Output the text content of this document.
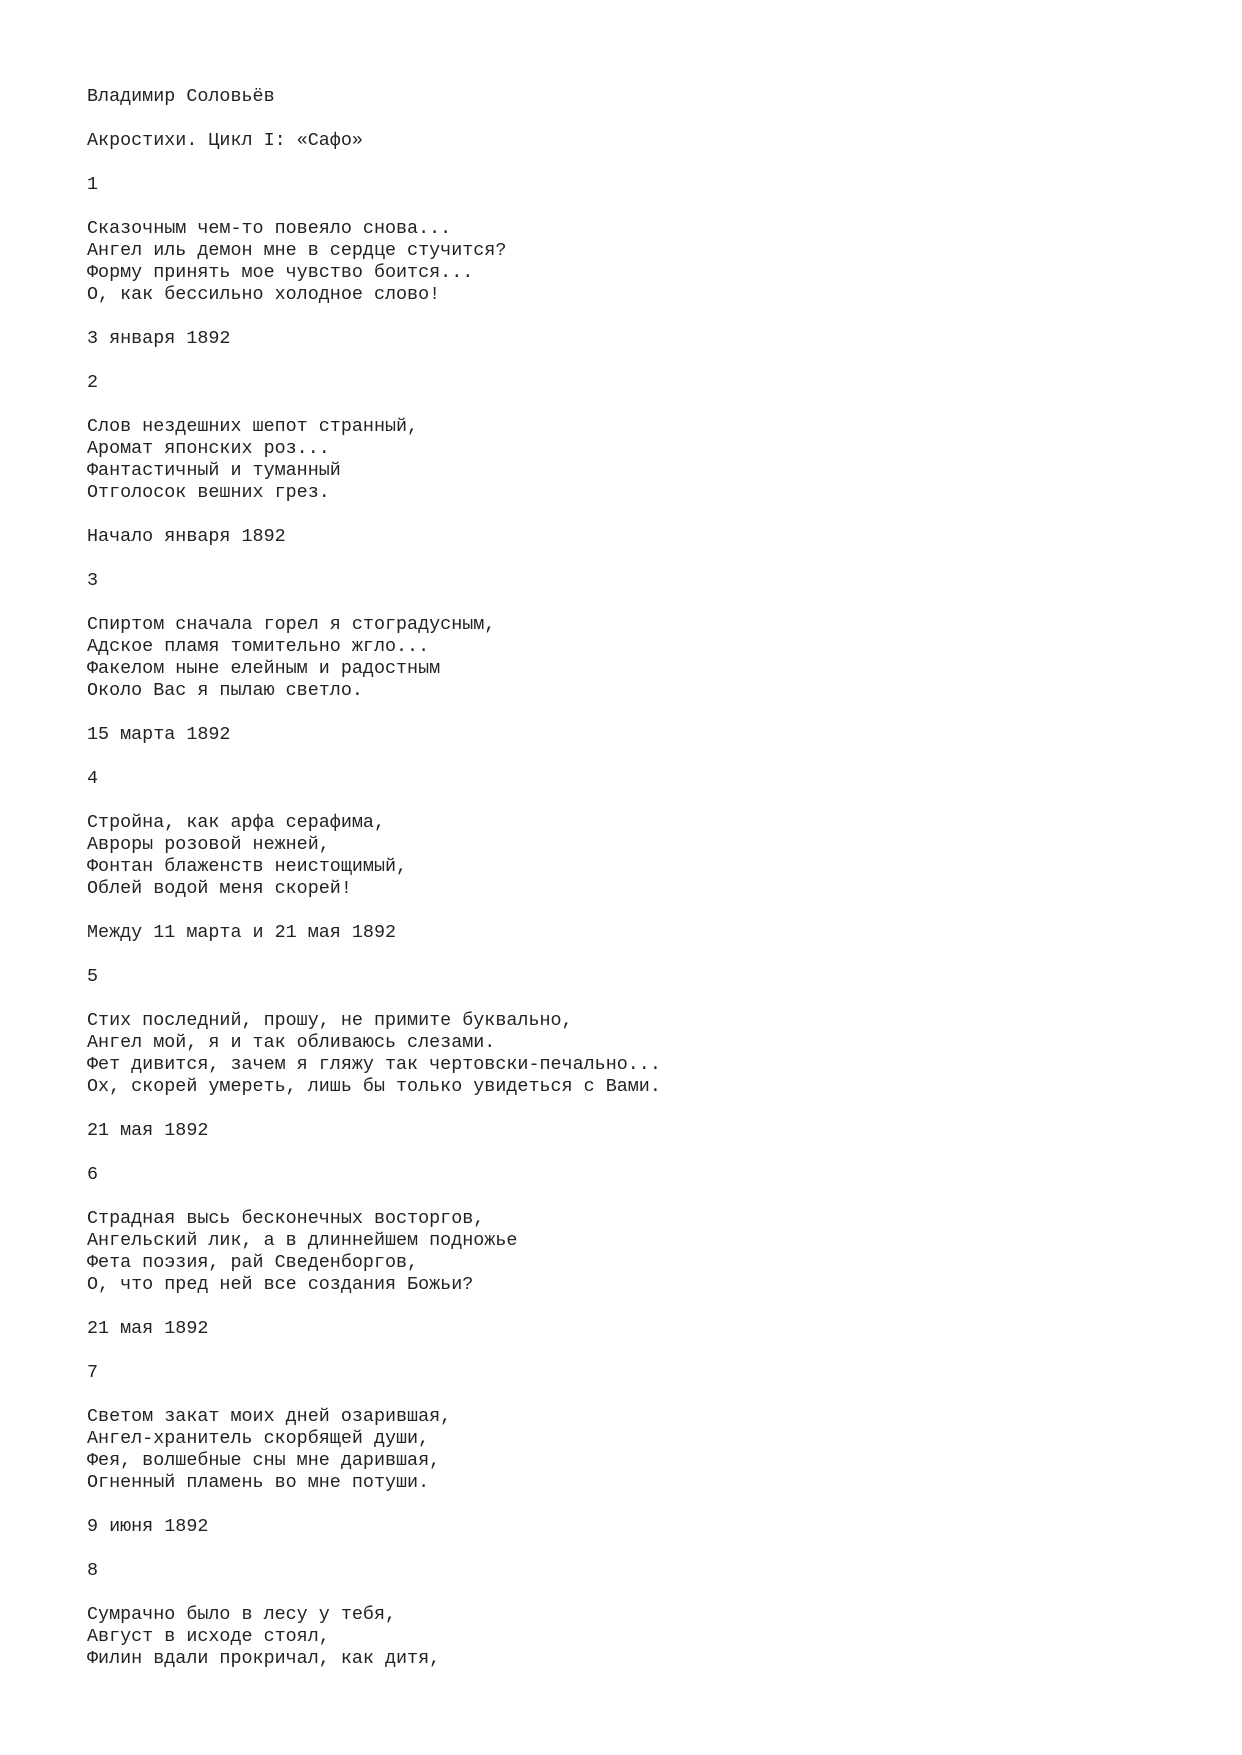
Владимир Соловьёв
Акростихи. Цикл I: «Сафо»
1
Сказочным чем-то повеяло снова...
Ангел иль демон мне в сердце стучится?
Форму принять мое чувство боится...
О, как бессильно холодное слово!
3 января 1892
2
Слов нездешних шепот странный,
Аромат японских роз...
Фантастичный и туманный
Отголосок вешних грез.
Начало января 1892
3
Спиртом сначала горел я стоградусным,
Адское пламя томительно жгло...
Факелом ныне елейным и радостным
Около Вас я пылаю светло.
15 марта 1892
4
Стройна, как арфа серафима,
Авроры розовой нежней,
Фонтан блаженств неистощимый,
Облей водой меня скорей!
Между 11 марта и 21 мая 1892
5
Стих последний, прошу, не примите буквально,
Ангел мой, я и так обливаюсь слезами.
Фет дивится, зачем я гляжу так чертовски-печально...
Ох, скорей умереть, лишь бы только увидеться с Вами.
21 мая 1892
6
Страдная высь бесконечных восторгов,
Ангельский лик, а в длиннейшем подножье
Фета поэзия, рай Сведенборгов,
О, что пред ней все создания Божьи?
21 мая 1892
7
Светом закат моих дней озарившая,
Ангел-хранитель скорбящей души,
Фея, волшебные сны мне дарившая,
Огненный пламень во мне потуши.
9 июня 1892
8
Сумрачно было в лесу у тебя,
Август в исходе стоял,
Филин вдали прокричал, как дитя,
